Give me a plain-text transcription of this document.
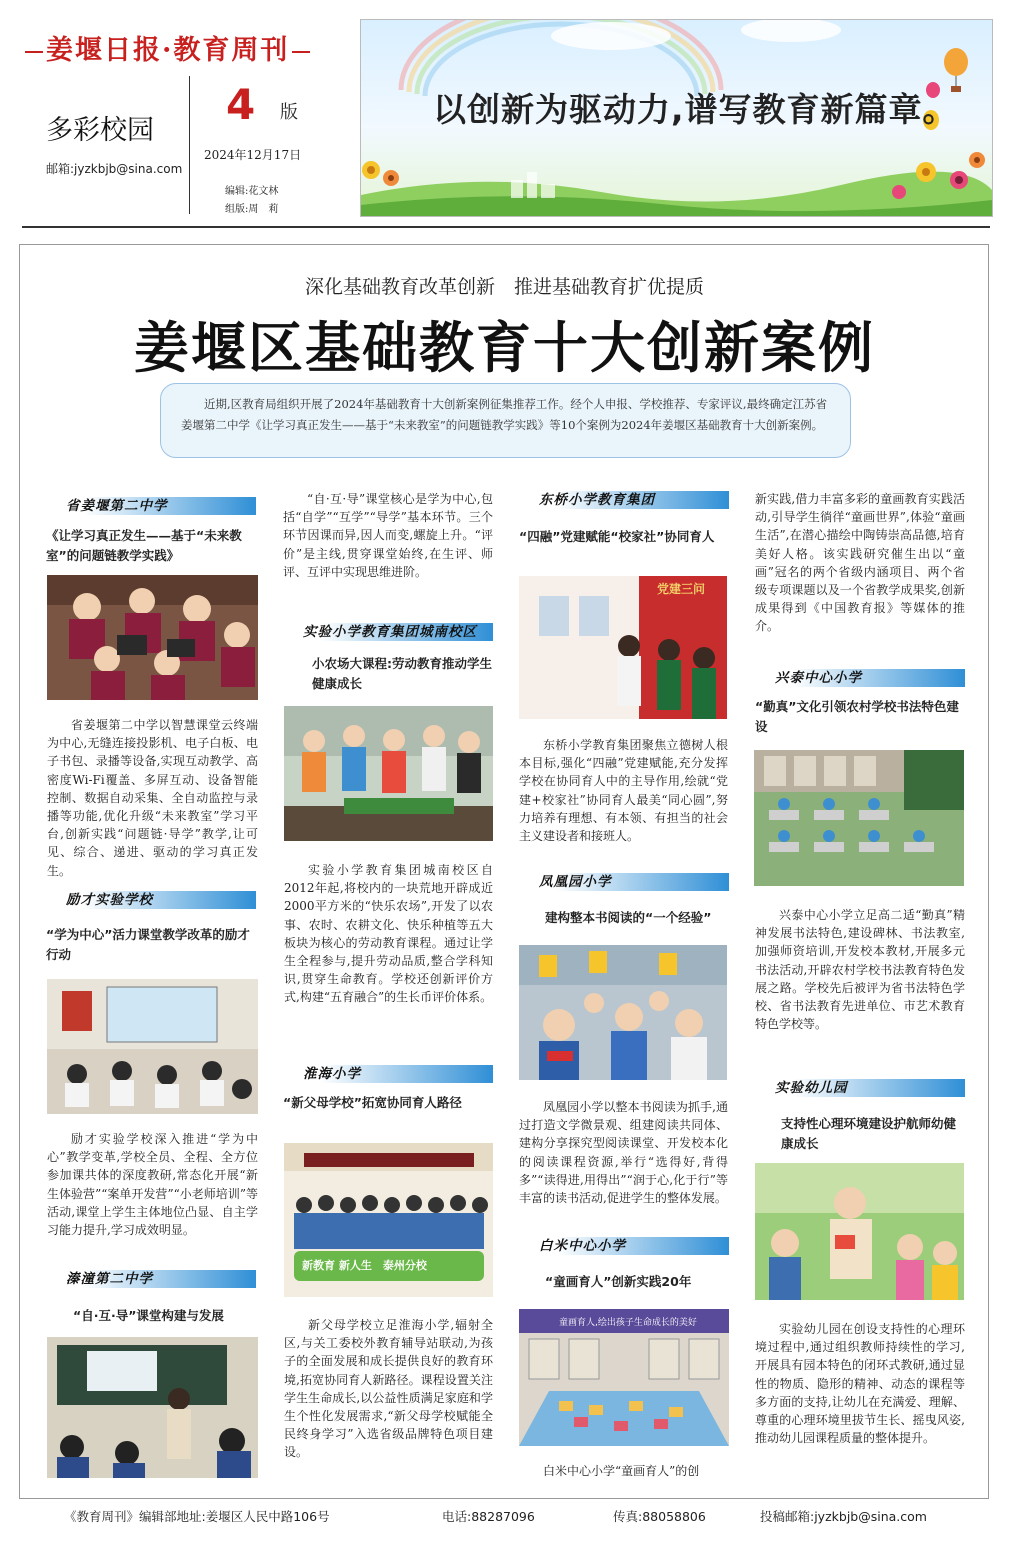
姜堰日报·教育周刊
多彩校园
邮箱:jyzkbjb@sina.com
4 版
2024年12月17日
编辑:花文林
组版:周　莉
以创新为驱动力,谱写教育新篇章。
深化基础教育改革创新　推进基础教育扩优提质
姜堰区基础教育十大创新案例
近期,区教育局组织开展了2024年基础教育十大创新案例征集推荐工作。经个人申报、学校推荐、专家评议,最终确定江苏省姜堰第二中学《让学习真正发生——基于“未来教室”的问题链教学实践》等10个案例为2024年姜堰区基础教育十大创新案例。
省姜堰第二中学
《让学习真正发生——基于“未来教室”的问题链教学实践》
省姜堰第二中学以智慧课堂云终端为中心,无缝连接投影机、电子白板、电子书包、录播等设备,实现互动教学、高密度Wi-Fi覆盖、多屏互动、设备智能控制、数据自动采集、全自动监控与录播等功能,优化升级“未来教室”学习平台,创新实践“问题链·导学”教学,让可见、综合、递进、驱动的学习真正发生。
励才实验学校
“学为中心”活力课堂教学改革的励才行动
励才实验学校深入推进“学为中心”教学变革,学校全员、全程、全方位参加课共体的深度教研,常态化开展“新生体验营”“案单开发营”“小老师培训”等活动,课堂上学生主体地位凸显、自主学习能力提升,学习成效明显。
溱潼第二中学
“自·互·导”课堂构建与发展
“自·互·导”课堂核心是学为中心,包括“自学”“互学”“导学”基本环节。三个环节因课而异,因人而变,螺旋上升。“评价”是主线,贯穿课堂始终,在生评、师评、互评中实现思维进阶。
实验小学教育集团城南校区
小农场大课程:劳动教育推动学生健康成长
实验小学教育集团城南校区自2012年起,将校内的一块荒地开辟成近2000平方米的“快乐农场”,开发了以农事、农时、农耕文化、快乐种植等五大板块为核心的劳动教育课程。通过让学生全程参与,提升劳动品质,整合学科知识,贯穿生命教育。学校还创新评价方式,构建“五育融合”的生长币评价体系。
淮海小学
“新父母学校”拓宽协同育人路径
新教育 新人生　泰州分校
新父母学校立足淮海小学,辐射全区,与关工委校外教育辅导站联动,为孩子的全面发展和成长提供良好的教育环境,拓宽协同育人新路径。课程设置关注学生生命成长,以公益性质满足家庭和学生个性化发展需求,“新父母学校赋能全民终身学习”入选省级品牌特色项目建设。
东桥小学教育集团
“四融”党建赋能“校家社”协同育人
党建三问
东桥小学教育集团聚焦立德树人根本目标,强化“四融”党建赋能,充分发挥学校在协同育人中的主导作用,绘就“党建+校家社”协同育人最美“同心圆”,努力培养有理想、有本领、有担当的社会主义建设者和接班人。
凤凰园小学
建构整本书阅读的“一个经验”
凤凰园小学以整本书阅读为抓手,通过打造文学微景观、组建阅读共同体、建构分享探究型阅读课堂、开发校本化的阅读课程资源,举行“选得好,背得多”“读得进,用得出”“润于心,化于行”等丰富的读书活动,促进学生的整体发展。
白米中心小学
“童画育人”创新实践20年
童画育人,绘出孩子生命成长的美好
白米中心小学“童画育人”的创
新实践,借力丰富多彩的童画教育实践活动,引导学生徜徉“童画世界”,体验“童画生活”,在潜心描绘中陶铸崇高品德,培育美好人格。该实践研究催生出以“童画”冠名的两个省级内涵项目、两个省级专项课题以及一个省教学成果奖,创新成果得到《中国教育报》等媒体的推介。
兴泰中心小学
“勤真”文化引领农村学校书法特色建设
兴泰中心小学立足高二适“勤真”精神发展书法特色,建设碑林、书法教室,加强师资培训,开发校本教材,开展多元书法活动,开辟农村学校书法教育特色发展之路。学校先后被评为省书法特色学校、省书法教育先进单位、市艺术教育特色学校等。
实验幼儿园
支持性心理环境建设护航师幼健康成长
实验幼儿园在创设支持性的心理环境过程中,通过组织教师持续性的学习,开展具有园本特色的闭环式教研,通过显性的物质、隐形的精神、动态的课程等多方面的支持,让幼儿在充满爱、理解、尊重的心理环境里拔节生长、摇曳风姿,推动幼儿园课程质量的整体提升。
《教育周刊》编辑部地址:姜堰区人民中路106号	电话:88287096	传真:88058806	投稿邮箱:jyzkbjb@sina.com
